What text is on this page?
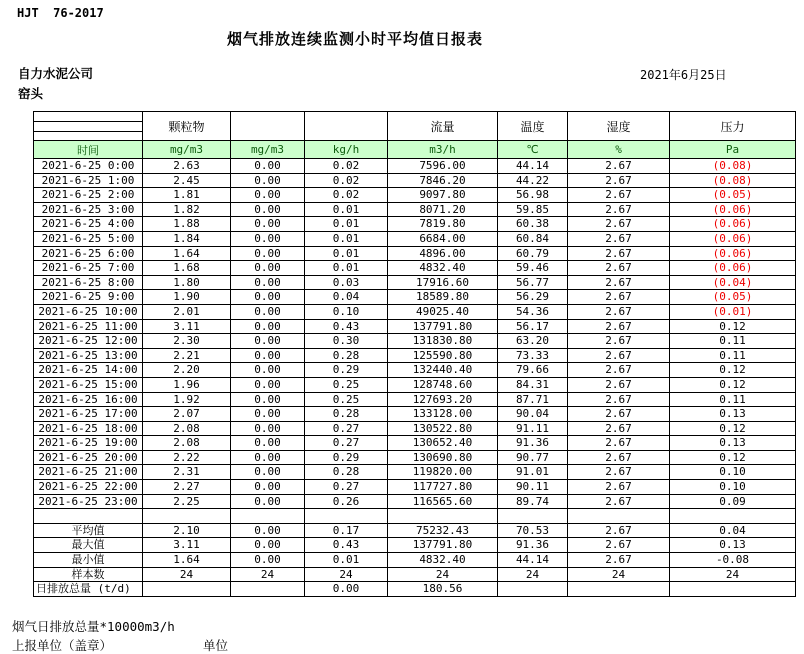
HJT  76-2017
烟气排放连续监测小时平均值日报表
自力水泥公司
窑头
2021年6月25日
	颗粒物			流量	温度	湿度	压力
时间	mg/m3	mg/m3	kg/h	m3/h	℃	%	Pa
2021-6-25 0:00	2.63	0.00	0.02	7596.00	44.14	2.67	(0.08)
2021-6-25 1:00	2.45	0.00	0.02	7846.20	44.22	2.67	(0.08)
2021-6-25 2:00	1.81	0.00	0.02	9097.80	56.98	2.67	(0.05)
2021-6-25 3:00	1.82	0.00	0.01	8071.20	59.85	2.67	(0.06)
2021-6-25 4:00	1.88	0.00	0.01	7819.80	60.38	2.67	(0.06)
2021-6-25 5:00	1.84	0.00	0.01	6684.00	60.84	2.67	(0.06)
2021-6-25 6:00	1.64	0.00	0.01	4896.00	60.79	2.67	(0.06)
2021-6-25 7:00	1.68	0.00	0.01	4832.40	59.46	2.67	(0.06)
2021-6-25 8:00	1.80	0.00	0.03	17916.60	56.77	2.67	(0.04)
2021-6-25 9:00	1.90	0.00	0.04	18589.80	56.29	2.67	(0.05)
2021-6-25 10:00	2.01	0.00	0.10	49025.40	54.36	2.67	(0.01)
2021-6-25 11:00	3.11	0.00	0.43	137791.80	56.17	2.67	0.12
2021-6-25 12:00	2.30	0.00	0.30	131830.80	63.20	2.67	0.11
2021-6-25 13:00	2.21	0.00	0.28	125590.80	73.33	2.67	0.11
2021-6-25 14:00	2.20	0.00	0.29	132440.40	79.66	2.67	0.12
2021-6-25 15:00	1.96	0.00	0.25	128748.60	84.31	2.67	0.12
2021-6-25 16:00	1.92	0.00	0.25	127693.20	87.71	2.67	0.11
2021-6-25 17:00	2.07	0.00	0.28	133128.00	90.04	2.67	0.13
2021-6-25 18:00	2.08	0.00	0.27	130522.80	91.11	2.67	0.12
2021-6-25 19:00	2.08	0.00	0.27	130652.40	91.36	2.67	0.13
2021-6-25 20:00	2.22	0.00	0.29	130690.80	90.77	2.67	0.12
2021-6-25 21:00	2.31	0.00	0.28	119820.00	91.01	2.67	0.10
2021-6-25 22:00	2.27	0.00	0.27	117727.80	90.11	2.67	0.10
2021-6-25 23:00	2.25	0.00	0.26	116565.60	89.74	2.67	0.09

平均值	2.10	0.00	0.17	75232.43	70.53	2.67	0.04
最大值	3.11	0.00	0.43	137791.80	91.36	2.67	0.13
最小值	1.64	0.00	0.01	4832.40	44.14	2.67	-0.08
样本数	24	24	24	24	24	24	24
日排放总量 (t/d)			0.00	180.56			
烟气日排放总量*10000m3/h
上报单位（盖章）	单位
